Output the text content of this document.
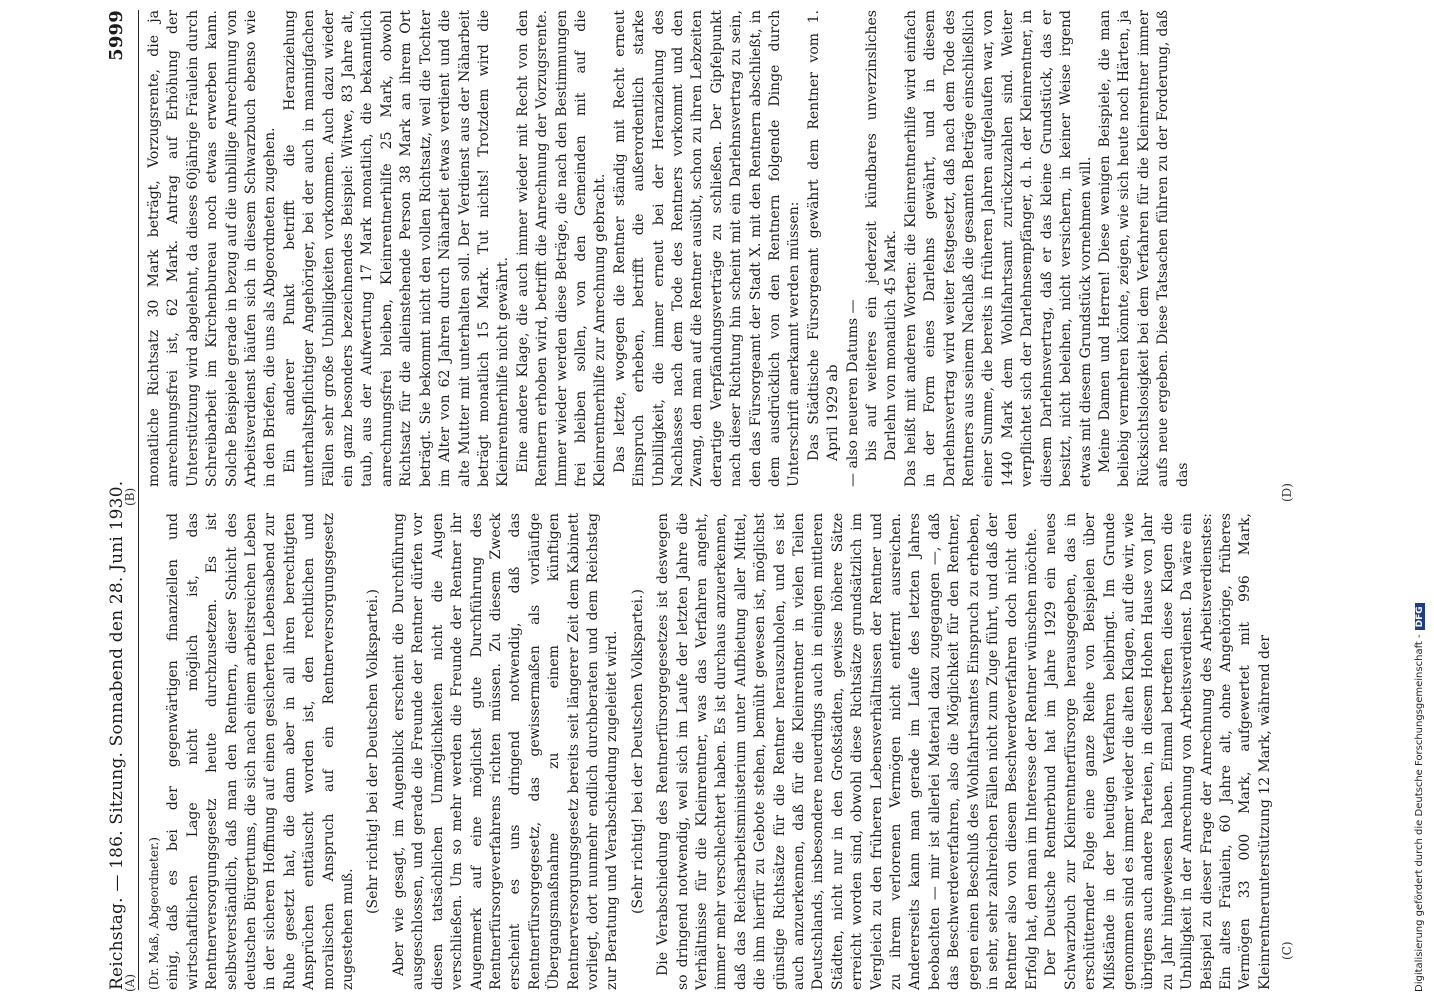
Reichstag. — 186. Sitzung. Sonnabend den 28. Juni 1930.
5999
(A)
(B)
(C)
(D)

(Dr. Maß, Abgeordneter.) einig, daß es bei der gegenwärtigen finanziellen und wirtschaftlichen Lage nicht möglich ist, das Rentnerversorgungsgesetz heute durchzusetzen. Es ist selbstverständlich, daß man den Rentnern, dieser Schicht des deutschen Bürgertums, die sich nach einem arbeitsreichen Leben in der sicheren Hoffnung auf einen gesicherten Lebensabend zur Ruhe gesetzt hat, die dann aber in all ihren berechtigten Ansprüchen enttäuscht worden ist, den rechtlichen und moralischen Anspruch auf ein Rentnerversorgungsgesetz zugestehen muß.

(Sehr richtig! bei der Deutschen Volkspartei.) Aber wie gesagt, im Augenblick erscheint die Durchführung ausgeschlossen, und gerade die Freunde der Rentner dürfen vor diesen tatsächlichen Unmöglichkeiten nicht die Augen verschließen. Um so mehr werden die Freunde der Rentner ihr Augenmerk auf eine möglichst gute Durchführung des Rentnerfürsorgeverfahrens richten müssen. Zu diesem Zweck erscheint es uns dringend notwendig, daß das Rentnerfürsorgegesetz, das gewissermaßen als vorläufige Übergangsmaßnahme zu einem künftigen Rentnerversorgungsgesetz bereits seit längerer Zeit dem Kabinett vorliegt, dort nunmehr endlich durchberaten und dem Reichstag zur Beratung und Verabschiedung zugeleitet wird. (Sehr richtig! bei der Deutschen Volkspartei.) Die Verabschiedung des Rentnerfürsorgegesetzes ist deswegen so dringend notwendig, weil sich im Laufe der letzten Jahre die Verhältnisse für die Kleinrentner, was das Verfahren angeht, immer mehr verschlechtert haben. Es ist durchaus anzuerkennen, daß das Reichsarbeitsministerium unter Aufbietung aller Mittel, die ihm hierfür zu Gebote stehen, bemüht gewesen ist, möglichst günstige Richtsätze für die Rentner herauszuholen, und es ist auch anzuerkennen, daß für die Kleinrentner in vielen Teilen Deutschlands, insbesondere neuerdings auch in einigen mittleren Städten, nicht nur in den Großstädten, gewisse höhere Sätze erreicht worden sind, obwohl diese Richtsätze grundsätzlich im Vergleich zu den früheren Lebensverhältnissen der Rentner und zu ihrem verlorenen Vermögen nicht entfernt ausreichen. Andererseits kann man gerade im Laufe des letzten Jahres beobachten — mir ist allerlei Material dazu zugegangen —, daß das Beschwerdeverfahren, also die Möglichkeit für den Rentner, gegen einen Beschluß des Wohlfahrtsamtes Einspruch zu erheben, in sehr, sehr zahlreichen Fällen nicht zum Zuge führt, und daß der Rentner also von diesem Beschwerdeverfahren doch nicht den Erfolg hat, den man im Interesse der Rentner wünschen möchte. Der Deutsche Rentnerbund hat im Jahre 1929 ein neues Schwarzbuch zur Kleinrentnerfürsorge herausgegeben, das in erschütternder Folge eine ganze Reihe von Beispielen über Mißstände in der heutigen Verfahren beibringt. Im Grunde genommen sind es immer wieder die alten Klagen, auf die wir, wie übrigens auch andere Parteien, in diesem Hohen Hause von Jahr zu Jahr hingewiesen haben. Einmal betreffen diese Klagen die Unbilligkeit in der Anrechnung von Arbeitsverdienst. Da wäre ein Beispiel zu dieser Frage der Anrechnung des Arbeitsverdienstes: Ein altes Fräulein, 60 Jahre alt, ohne Angehörige, früheres Vermögen 33 000 Mark, aufgewertet mit 996 Mark, Kleinrentnerunterstützung 12 Mark, während der

monatliche Richtsatz 30 Mark beträgt, Vorzugsrente, die ja anrechnungsfrei ist, 62 Mark. Antrag auf Erhöhung der Unterstützung wird abgelehnt, da dieses 60jährige Fräulein durch Schreibarbeit im Kirchenbureau noch etwas erwerben kann. Solche Beispiele gerade in bezug auf die unbillige Anrechnung von Arbeitsverdienst häufen sich in diesem Schwarzbuch ebenso wie in den Briefen, die uns als Abgeordneten zugehen. Ein anderer Punkt betrifft die Heranziehung unterhaltspflichtiger Angehöriger, bei der auch in mannigfachen Fällen sehr große Unbilligkeiten vorkommen. Auch dazu wieder ein ganz besonders bezeichnendes Beispiel: Witwe, 83 Jahre alt, taub, aus der Aufwertung 17 Mark monatlich, die bekanntlich anrechnungsfrei bleiben, Kleinrentnerhilfe 25 Mark, obwohl Richtsatz für die alleinstehende Person 38 Mark an ihrem Ort beträgt. Sie bekommt nicht den vollen Richtsatz, weil die Tochter im Alter von 62 Jahren durch Näharbeit etwas verdient und die alte Mutter mit unterhalten soll. Der Verdienst aus der Näharbeit beträgt monatlich 15 Mark. Tut nichts! Trotzdem wird die Kleinrentnerhilfe nicht gewährt. Eine andere Klage, die auch immer wieder mit Recht von den Rentnern erhoben wird, betrifft die Anrechnung der Vorzugsrente. Immer wieder werden diese Beträge, die nach den Bestimmungen frei bleiben sollen, von den Gemeinden mit auf die Kleinrentnerhilfe zur Anrechnung gebracht. Das letzte, wogegen die Rentner ständig mit Recht erneut Einspruch erheben, betrifft die außerordentlich starke Unbilligkeit, die immer erneut bei der Heranziehung des Nachlasses nach dem Tode des Rentners vorkommt und den Zwang, den man auf die Rentner ausübt, schon zu ihren Lebzeiten derartige Verpfändungsverträge zu schließen. Der Gipfelpunkt nach dieser Richtung hin scheint mit ein Darlehnsvertrag zu sein, den das Fürsorgeamt der Stadt X. mit den Rentnern abschließt, in dem ausdrücklich von den Rentnern folgende Dinge durch Unterschrift anerkannt werden müssen: Das Städtische Fürsorgeamt gewährt dem Rentner vom 1. April 1929 ab — also neueren Datums — bis auf weiteres ein jederzeit kündbares unverzinsliches Darlehn von monatlich 45 Mark. Das heißt mit anderen Worten: die Kleinrentnerhilfe wird einfach in der Form eines Darlehns gewährt, und in diesem Darlehnsvertrag wird weiter festgesetzt, daß nach dem Tode des Rentners aus seinem Nachlaß die gesamten Beträge einschließlich einer Summe, die bereits in früheren Jahren aufgelaufen war, von 1440 Mark dem Wohlfahrtsamt zurückzuzahlen sind. Weiter verpflichtet sich der Darlehnsempfänger, d. h. der Kleinrentner, in diesem Darlehnsvertrag, daß er das kleine Grundstück, das er besitzt, nicht beleihen, nicht versichern, in keiner Weise irgend etwas mit diesem Grundstück vornehmen will. Meine Damen und Herren! Diese wenigen Beispiele, die man beliebig vermehren könnte, zeigen, wie sich heute noch Härten, ja Rücksichtslosigkeit bei dem Verfahren für die Kleinrentner immer aufs neue ergeben. Diese Tatsachen führen zu der Forderung, daß das

Digitalisierung gefördert durch die Deutsche Forschungsgemeinschaft -DFG
